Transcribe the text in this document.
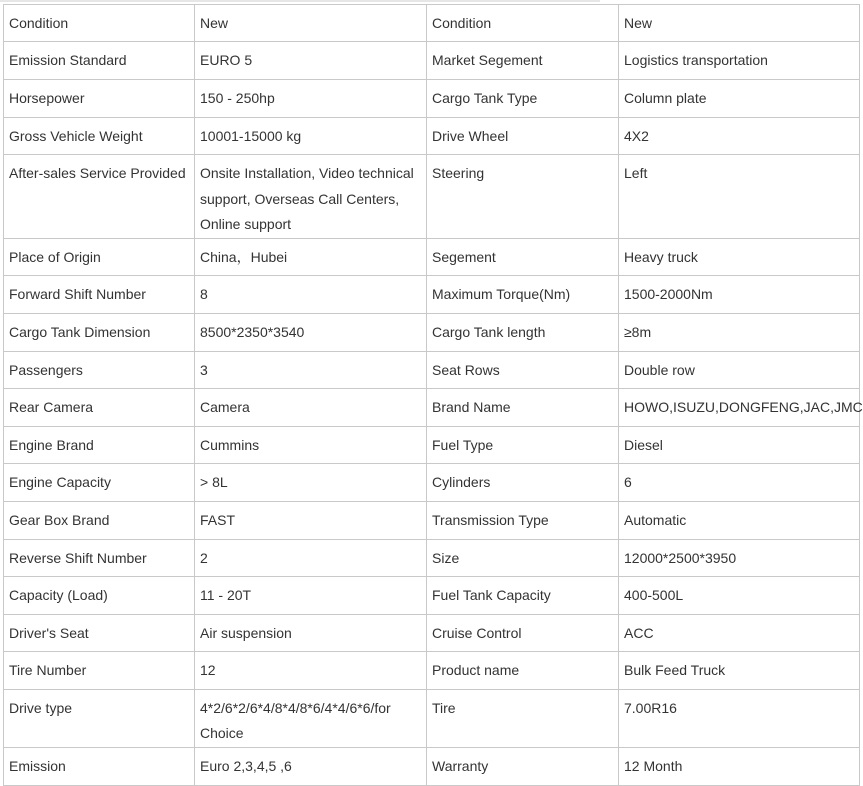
Condition	New	Condition	New
Emission Standard	EURO 5	Market Segement	Logistics transportation
Horsepower	150 - 250hp	Cargo Tank Type	Column plate
Gross Vehicle Weight	10001-15000 kg	Drive Wheel	4X2
After-sales Service Provided	Onsite Installation, Video technical support, Overseas Call Centers, Online support	Steering	Left
Place of Origin	China，Hubei	Segement	Heavy truck
Forward Shift Number	8	Maximum Torque(Nm)	1500-2000Nm
Cargo Tank Dimension	8500*2350*3540	Cargo Tank length	≥8m
Passengers	3	Seat Rows	Double row
Rear Camera	Camera	Brand Name	HOWO,ISUZU,DONGFENG,JAC,JMC
Engine Brand	Cummins	Fuel Type	Diesel
Engine Capacity	> 8L	Cylinders	6
Gear Box Brand	FAST	Transmission Type	Automatic
Reverse Shift Number	2	Size	12000*2500*3950
Capacity (Load)	11 - 20T	Fuel Tank Capacity	400-500L
Driver's Seat	Air suspension	Cruise Control	ACC
Tire Number	12	Product name	Bulk Feed Truck
Drive type	4*2/6*2/6*4/8*4/8*6/4*4/6*6/for Choice	Tire	7.00R16
Emission	Euro 2,3,4,5 ,6	Warranty	12 Month
